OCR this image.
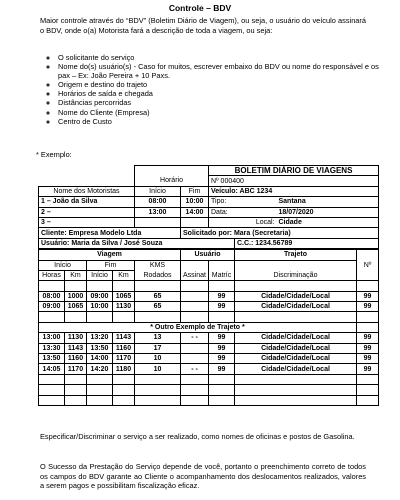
Controle – BDV
Maior controle através do “BDV” (Boletim Diário de Viagem), ou seja, o usuário do veículo assinará o BDV, onde o(a) Motorista fará a descrição de toda a viagem, ou seja:
◦ O solicitante do serviço
◦ Nome do(s) usuário(s) - Caso for muitos, escrever embaixo do BDV ou nome do responsável e os pax – Ex: João Pereira + 10 Paxs.
◦ Origem e destino do trajeto
◦ Horários de saída e chegada
◦ Distâncias percorridas
◦ Nome do Cliente (Empresa)
◦ Centro de Custo
* Exemplo:
						BOLETIM DIÁRIO DE VIAGENS			
				Horário		Nº 000400			
Nome dos Motoristas				Início	Fim	Veículo: ABC 1234			
1 – João da Silva				08:00	10:00	Tipo:		Santana	
2 –				13:00	14:00	Data:		18/07/2020	
3 –						Local:		Cidade	
Cliente: Empresa Modelo Ltda					Solicitado por: Mara (Secretaria)				
Usuário: Maria da Silva / José Souza							C.C.: 1234.56789		
Viagem					Usuário		Trajeto		Nº
Início		Fim		KMS					
Horas	Km	Início	Km	Rodados	Assinat	Matríc	Discriminação		

08:00	1000	09:00	1065	65		99	Cidade/Cidade/Local		99
09:00	1065	10:00	1130	65		99	Cidade/Cidade/Local		99

* Outro Exemplo de Trajeto *									
13:00	1130	13:20	1143	13	- -	99	Cidade/Cidade/Local		99
13:30	1143	13:50	1160	17		99	Cidade/Cidade/Local		99
13:50	1160	14:00	1170	10		99	Cidade/Cidade/Local		99
14:05	1170	14:20	1180	10	- -	99	Cidade/Cidade/Local		99

Especificar/Discriminar o serviço a ser realizado, como nomes de oficinas e postos de Gasolina.
O Sucesso da Prestação do Serviço depende de você, portanto o preenchimento correto de todos os campos do BDV garante ao Cliente o acompanhamento dos deslocamentos realizados, valores a serem pagos e possibilitam fiscalização eficaz.
